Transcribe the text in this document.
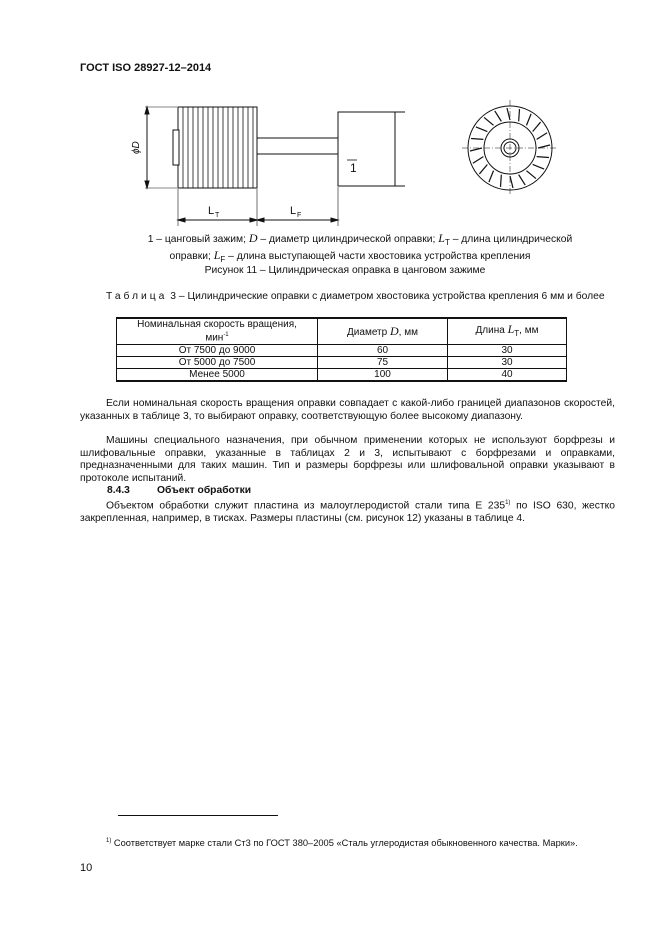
ГОСТ ISO 28927-12–2014
ϕD
1
L T	L F
1 – цанговый зажим; D – диаметр цилиндрической оправки; $L_T$ – длина цилиндрической
оправки; $L_F$ – длина выступающей части хвостовика устройства крепления
Рисунок 11 – Цилиндрическая оправка в цанговом зажиме
Таблица 3 – Цилиндрические оправки с диаметром хвостовика устройства крепления 6 мм и более
Номинальная скорость вращения,
мин$^{-1}$	Диаметр D, мм	Длина $L_T$, мм
От 7500 до 9000	60	30
От 5000 до 7500	75	30
Менее 5000	100	40
Если номинальная скорость вращения оправки совпадает с какой-либо границей диапазонов скоростей, указанных в таблице 3, то выбирают оправку, соответствующую более высокому диапазону.
Машины специального назначения, при обычном применении которых не используют борфрезы и шлифовальные оправки, указанные в таблицах 2 и 3, испытывают с борфрезами и оправками, предназначенными для таких машин. Тип и размеры борфрезы или шлифовальной оправки указывают в протоколе испытаний.
8.4.3	Объект обработки
Объектом обработки служит пластина из малоуглеродистой стали типа Е 235$^{1)}$ по ISO 630, жестко закрепленная, например, в тисках. Размеры пластины (см. рисунок 12) указаны в таблице 4.
$^{1)}$ Соответствует марке стали Ст3 по ГОСТ 380–2005 «Сталь углеродистая обыкновенного качества. Марки».
10
